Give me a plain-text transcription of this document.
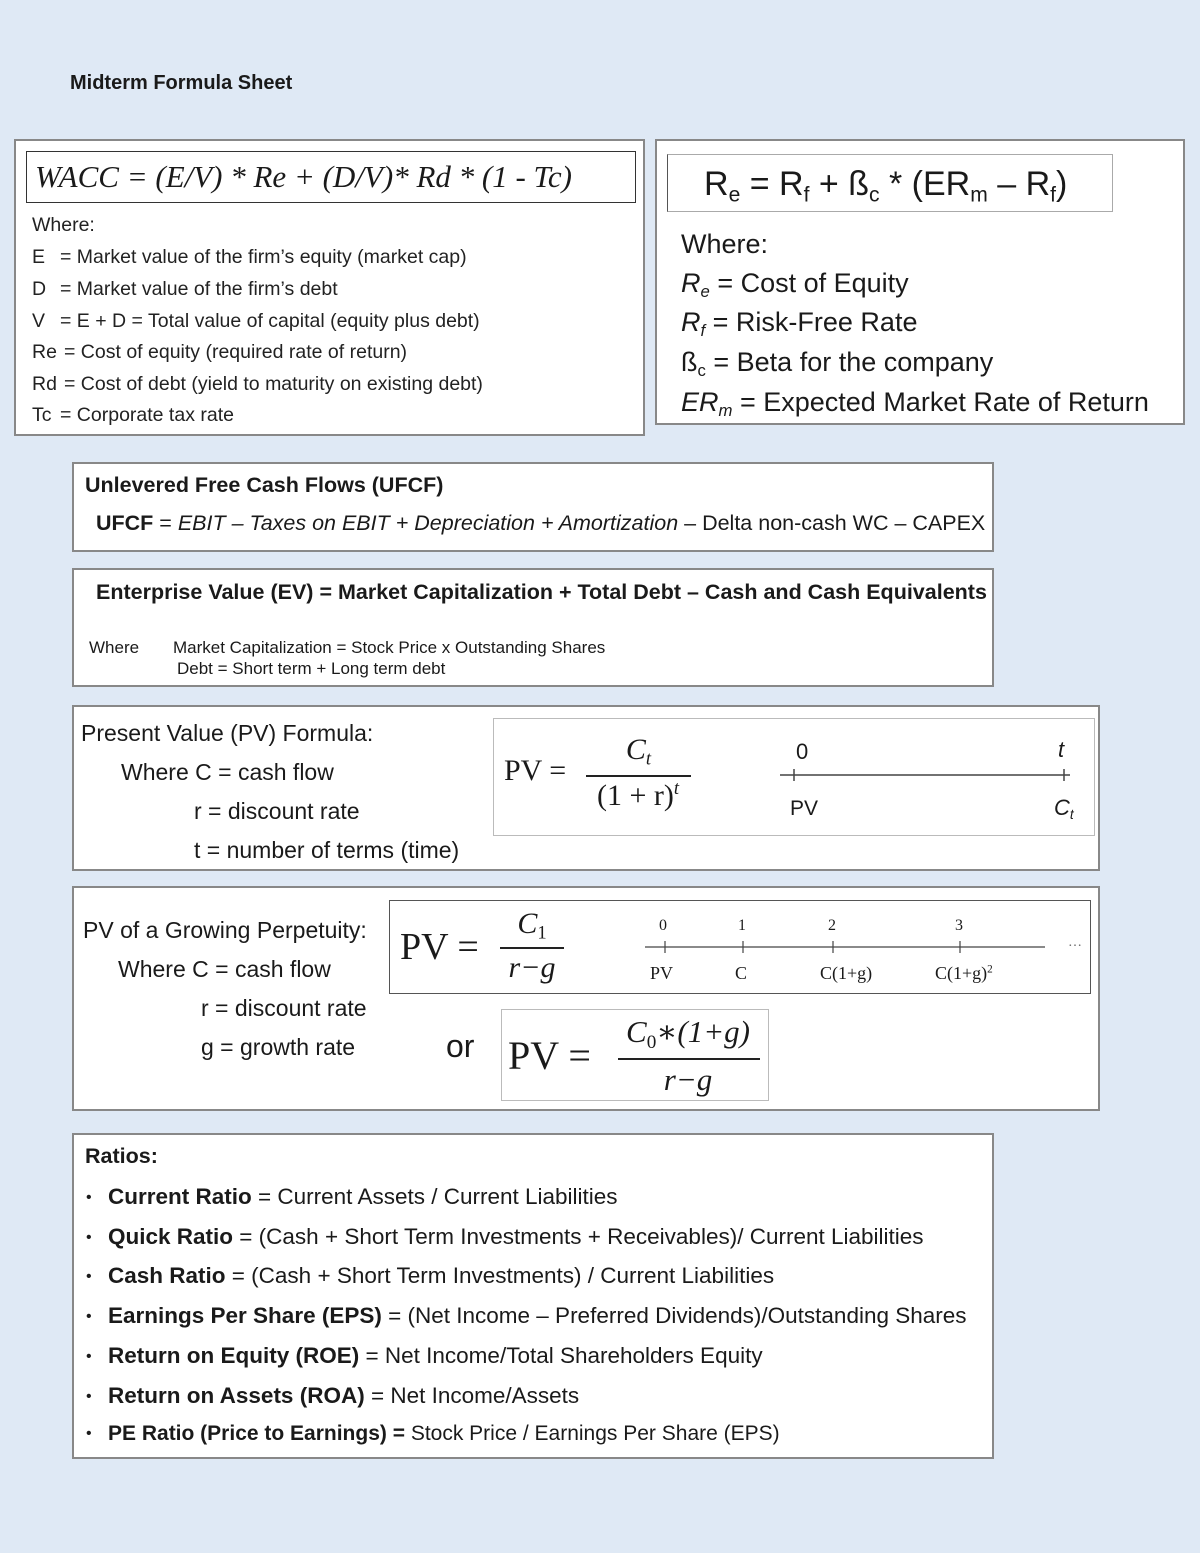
Midterm Formula Sheet
WACC = (E/V) * Re + (D/V)* Rd * (1 - Tc)
Where:
E = Market value of the firm’s equity (market cap)
D = Market value of the firm’s debt
V = E + D = Total value of capital (equity plus debt)
Re = Cost of equity (required rate of return)
Rd = Cost of debt (yield to maturity on existing debt)
Tc = Corporate tax rate
$R_e = R_f$ + $ß_c * (ER_m - R_f)$
Where:
$R_e$ = Cost of Equity
$R_f$ = Risk-Free Rate
$ß_c$ = Beta for the company
$ER_m$ = Expected Market Rate of Return
Unlevered Free Cash Flows (UFCF)
UFCF = EBIT – Taxes on EBIT + Depreciation + Amortization – Delta non-cash WC – CAPEX
Enterprise Value (EV) = Market Capitalization + Total Debt – Cash and Cash Equivalents
Where Market Capitalization = Stock Price x Outstanding Shares
Debt = Short term + Long term debt
Present Value (PV) Formula:
Where C = cash flow
r = discount rate
t = number of terms (time)
PV =
$C_t$
$(1 + r)^t$
0	t
PV	$C_t$
PV of a Growing Perpetuity:
Where C = cash flow
r = discount rate
g = growth rate	or
PV =
$C_1$
r−g
0	1	2	3
…
PV	C	C(1+g)	$C(1+g)^2$
PV =
$C_0∗(1+g)$
r−g
Ratios:
• Current Ratio = Current Assets / Current Liabilities
• Quick Ratio = (Cash + Short Term Investments + Receivables)/ Current Liabilities
• Cash Ratio = (Cash + Short Term Investments) / Current Liabilities
• Earnings Per Share (EPS) = (Net Income – Preferred Dividends)/Outstanding Shares
• Return on Equity (ROE) = Net Income/Total Shareholders Equity
• Return on Assets (ROA) = Net Income/Assets
• PE Ratio (Price to Earnings) = Stock Price / Earnings Per Share (EPS)
